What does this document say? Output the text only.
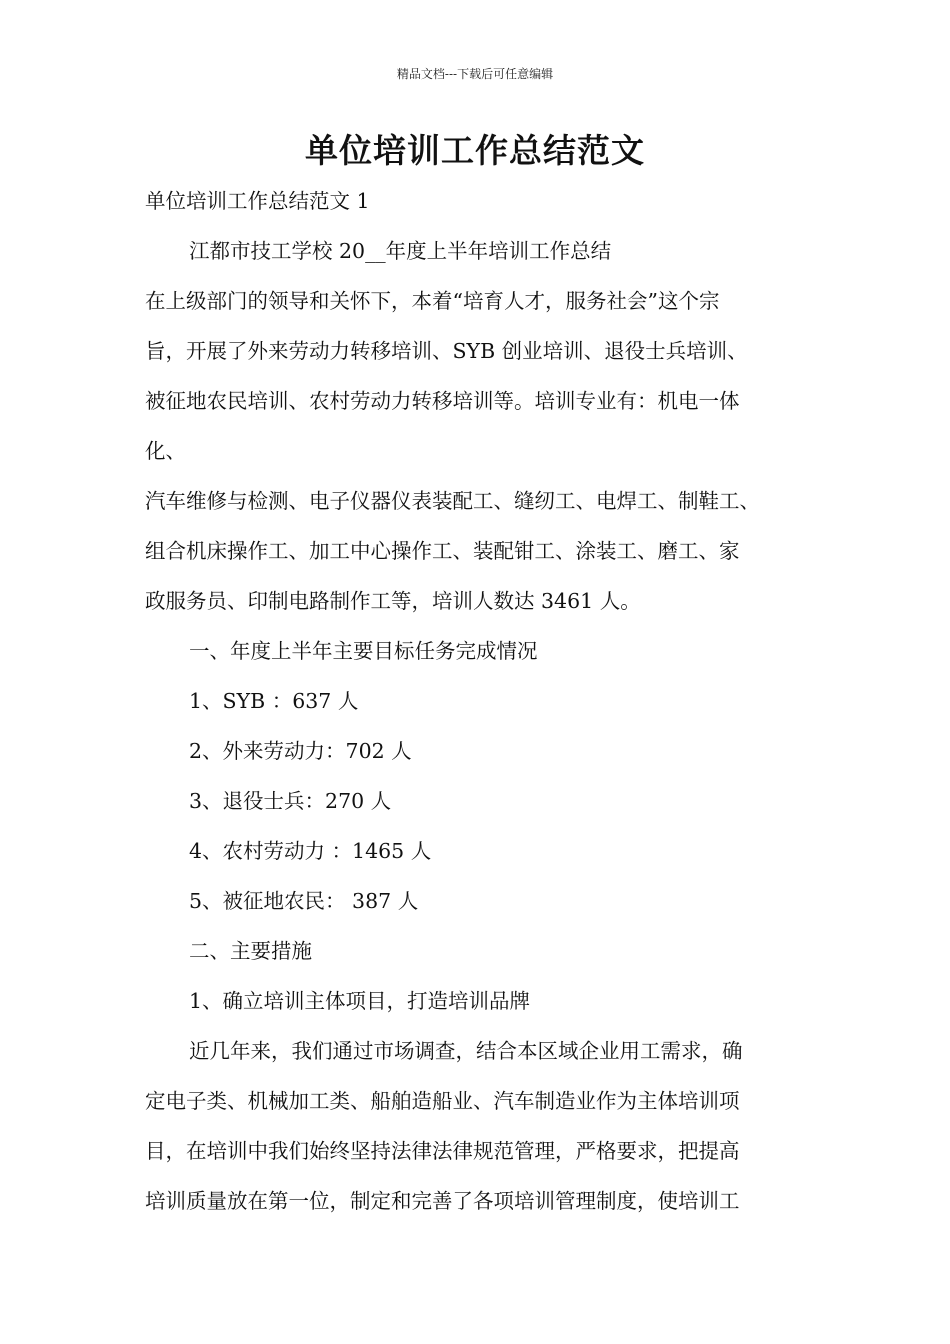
精品文档---下载后可任意编辑
单位培训工作总结范文
单位培训工作总结范文 1
江都市技工学校 20__年度上半年培训工作总结
在上级部门的领导和关怀下，本着“培育人才，服务社会”这个宗
旨，开展了外来劳动力转移培训、SYB 创业培训、退役士兵培训、
被征地农民培训、农村劳动力转移培训等。培训专业有：机电一体
化、
汽车维修与检测、电子仪器仪表装配工、缝纫工、电焊工、制鞋工、
组合机床操作工、加工中心操作工、装配钳工、涂装工、磨工、家
政服务员、印制电路制作工等，培训人数达 3461 人。
一、年度上半年主要目标任务完成情况
1、SYB ：637 人
2、外来劳动力：702 人
3、退役士兵：270 人
4、农村劳动力 ：1465 人
5、被征地农民： 387 人
二、主要措施
1、确立培训主体项目，打造培训品牌
近几年来，我们通过市场调查，结合本区域企业用工需求，确
定电子类、机械加工类、船舶造船业、汽车制造业作为主体培训项
目，在培训中我们始终坚持法律法律规范管理，严格要求，把提高
培训质量放在第一位，制定和完善了各项培训管理制度，使培训工
